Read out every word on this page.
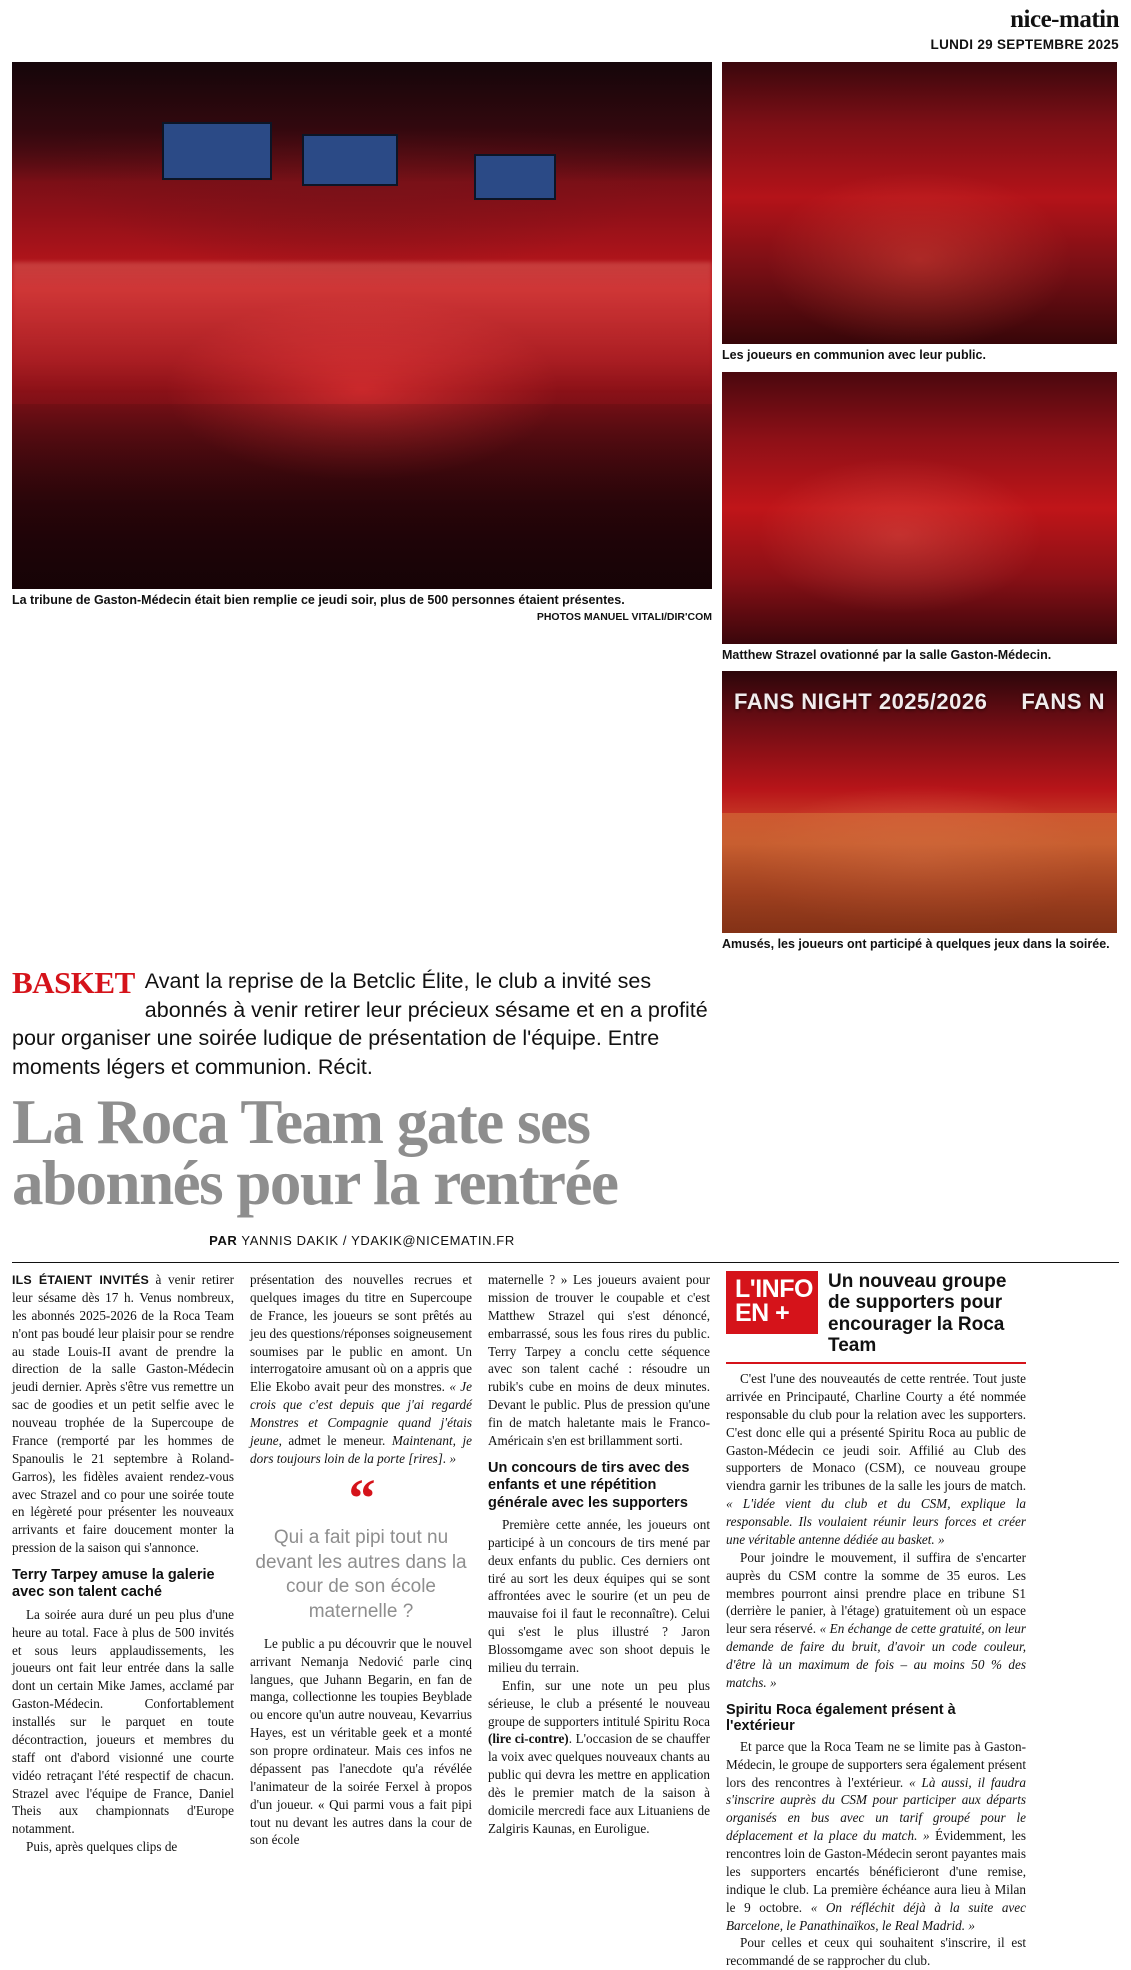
nice-matin
LUNDI 29 SEPTEMBRE 2025
La tribune de Gaston-Médecin était bien remplie ce jeudi soir, plus de 500 personnes étaient présentes.
PHOTOS MANUEL VITALI/DIR'COM
Les joueurs en communion avec leur public.
Matthew Strazel ovationné par la salle Gaston-Médecin.
FANS NIGHT 2025/2026 FANS N
Amusés, les joueurs ont participé à quelques jeux dans la soirée.
BASKET Avant la reprise de la Betclic Élite, le club a invité ses abonnés à venir retirer leur précieux sésame et en a profité pour organiser une soirée ludique de présentation de l'équipe. Entre moments légers et communion. Récit.
La Roca Team gate ses abonnés pour la rentrée
PAR YANNIS DAKIK / YDAKIK@NICEMATIN.FR

ILS ÉTAIENT INVITÉS à venir retirer leur sésame dès 17 h. Venus nombreux, les abonnés 2025-2026 de la Roca Team n'ont pas boudé leur plaisir pour se rendre au stade Louis-II avant de prendre la direction de la salle Gaston-Médecin jeudi dernier. Après s'être vus remettre un sac de goodies et un petit selfie avec le nouveau trophée de la Supercoupe de France (remporté par les hommes de Spanoulis le 21 septembre à Roland-Garros), les fidèles avaient rendez-vous avec Strazel and co pour une soirée toute en légèreté pour présenter les nouveaux arrivants et faire doucement monter la pression de la saison qui s'annonce.

Terry Tarpey amuse la galerie avec son talent caché

La soirée aura duré un peu plus d'une heure au total. Face à plus de 500 invités et sous leurs applaudissements, les joueurs ont fait leur entrée dans la salle dont un certain Mike James, acclamé par Gaston-Médecin. Confortablement installés sur le parquet en toute décontraction, joueurs et membres du staff ont d'abord visionné une courte vidéo retraçant l'été respectif de chacun. Strazel avec l'équipe de France, Daniel Theis aux championnats d'Europe notamment.

Puis, après quelques clips de

présentation des nouvelles recrues et quelques images du titre en Supercoupe de France, les joueurs se sont prêtés au jeu des questions/réponses soigneusement soumises par le public en amont. Un interrogatoire amusant où on a appris que Elie Ekobo avait peur des monstres. « Je crois que c'est depuis que j'ai regardé Monstres et Compagnie quand j'étais jeune, admet le meneur. Maintenant, je dors toujours loin de la porte [rires]. »

“
Qui a fait pipi tout nu devant les autres dans la cour de son école maternelle ?

Le public a pu découvrir que le nouvel arrivant Nemanja Nedović parle cinq langues, que Juhann Begarin, en fan de manga, collectionne les toupies Beyblade ou encore qu'un autre nouveau, Kevarrius Hayes, est un véritable geek et a monté son propre ordinateur. Mais ces infos ne dépassent pas l'anecdote qu'a révélée l'animateur de la soirée Ferxel à propos d'un joueur. « Qui parmi vous a fait pipi tout nu devant les autres dans la cour de son école

maternelle ? » Les joueurs avaient pour mission de trouver le coupable et c'est Matthew Strazel qui s'est dénoncé, embarrassé, sous les fous rires du public. Terry Tarpey a conclu cette séquence avec son talent caché : résoudre un rubik's cube en moins de deux minutes. Devant le public. Plus de pression qu'une fin de match haletante mais le Franco-Américain s'en est brillamment sorti.

Un concours de tirs avec des enfants et une répétition générale avec les supporters

Première cette année, les joueurs ont participé à un concours de tirs mené par deux enfants du public. Ces derniers ont tiré au sort les deux équipes qui se sont affrontées avec le sourire (et un peu de mauvaise foi il faut le reconnaître). Celui qui s'est le plus illustré ? Jaron Blossomgame avec son shoot depuis le milieu du terrain.

Enfin, sur une note un peu plus sérieuse, le club a présenté le nouveau groupe de supporters intitulé Spiritu Roca (lire ci-contre). L'occasion de se chauffer la voix avec quelques nouveaux chants au public qui devra les mettre en application dès le premier match de la saison à domicile mercredi face aux Lituaniens de Zalgiris Kaunas, en Euroligue.

L'INFO EN +
Un nouveau groupe de supporters pour encourager la Roca Team

C'est l'une des nouveautés de cette rentrée. Tout juste arrivée en Principauté, Charline Courty a été nommée responsable du club pour la relation avec les supporters. C'est donc elle qui a présenté Spiritu Roca au public de Gaston-Médecin ce jeudi soir. Affilié au Club des supporters de Monaco (CSM), ce nouveau groupe viendra garnir les tribunes de la salle les jours de match. « L'idée vient du club et du CSM, explique la responsable. Ils voulaient réunir leurs forces et créer une véritable antenne dédiée au basket. »

Pour joindre le mouvement, il suffira de s'encarter auprès du CSM contre la somme de 35 euros. Les membres pourront ainsi prendre place en tribune S1 (derrière le panier, à l'étage) gratuitement où un espace leur sera réservé. « En échange de cette gratuité, on leur demande de faire du bruit, d'avoir un code couleur, d'être là un maximum de fois – au moins 50 % des matchs. »

Spiritu Roca également présent à l'extérieur

Et parce que la Roca Team ne se limite pas à Gaston-Médecin, le groupe de supporters sera également présent lors des rencontres à l'extérieur. « Là aussi, il faudra s'inscrire auprès du CSM pour participer aux départs organisés en bus avec un tarif groupé pour le déplacement et la place du match. » Évidemment, les rencontres loin de Gaston-Médecin seront payantes mais les supporters encartés bénéficieront d'une remise, indique le club. La première échéance aura lieu à Milan le 9 octobre. « On réfléchit déjà à la suite avec Barcelone, le Panathinaïkos, le Real Madrid. »

Pour celles et ceux qui souhaitent s'inscrire, il est recommandé de se rapprocher du club.
